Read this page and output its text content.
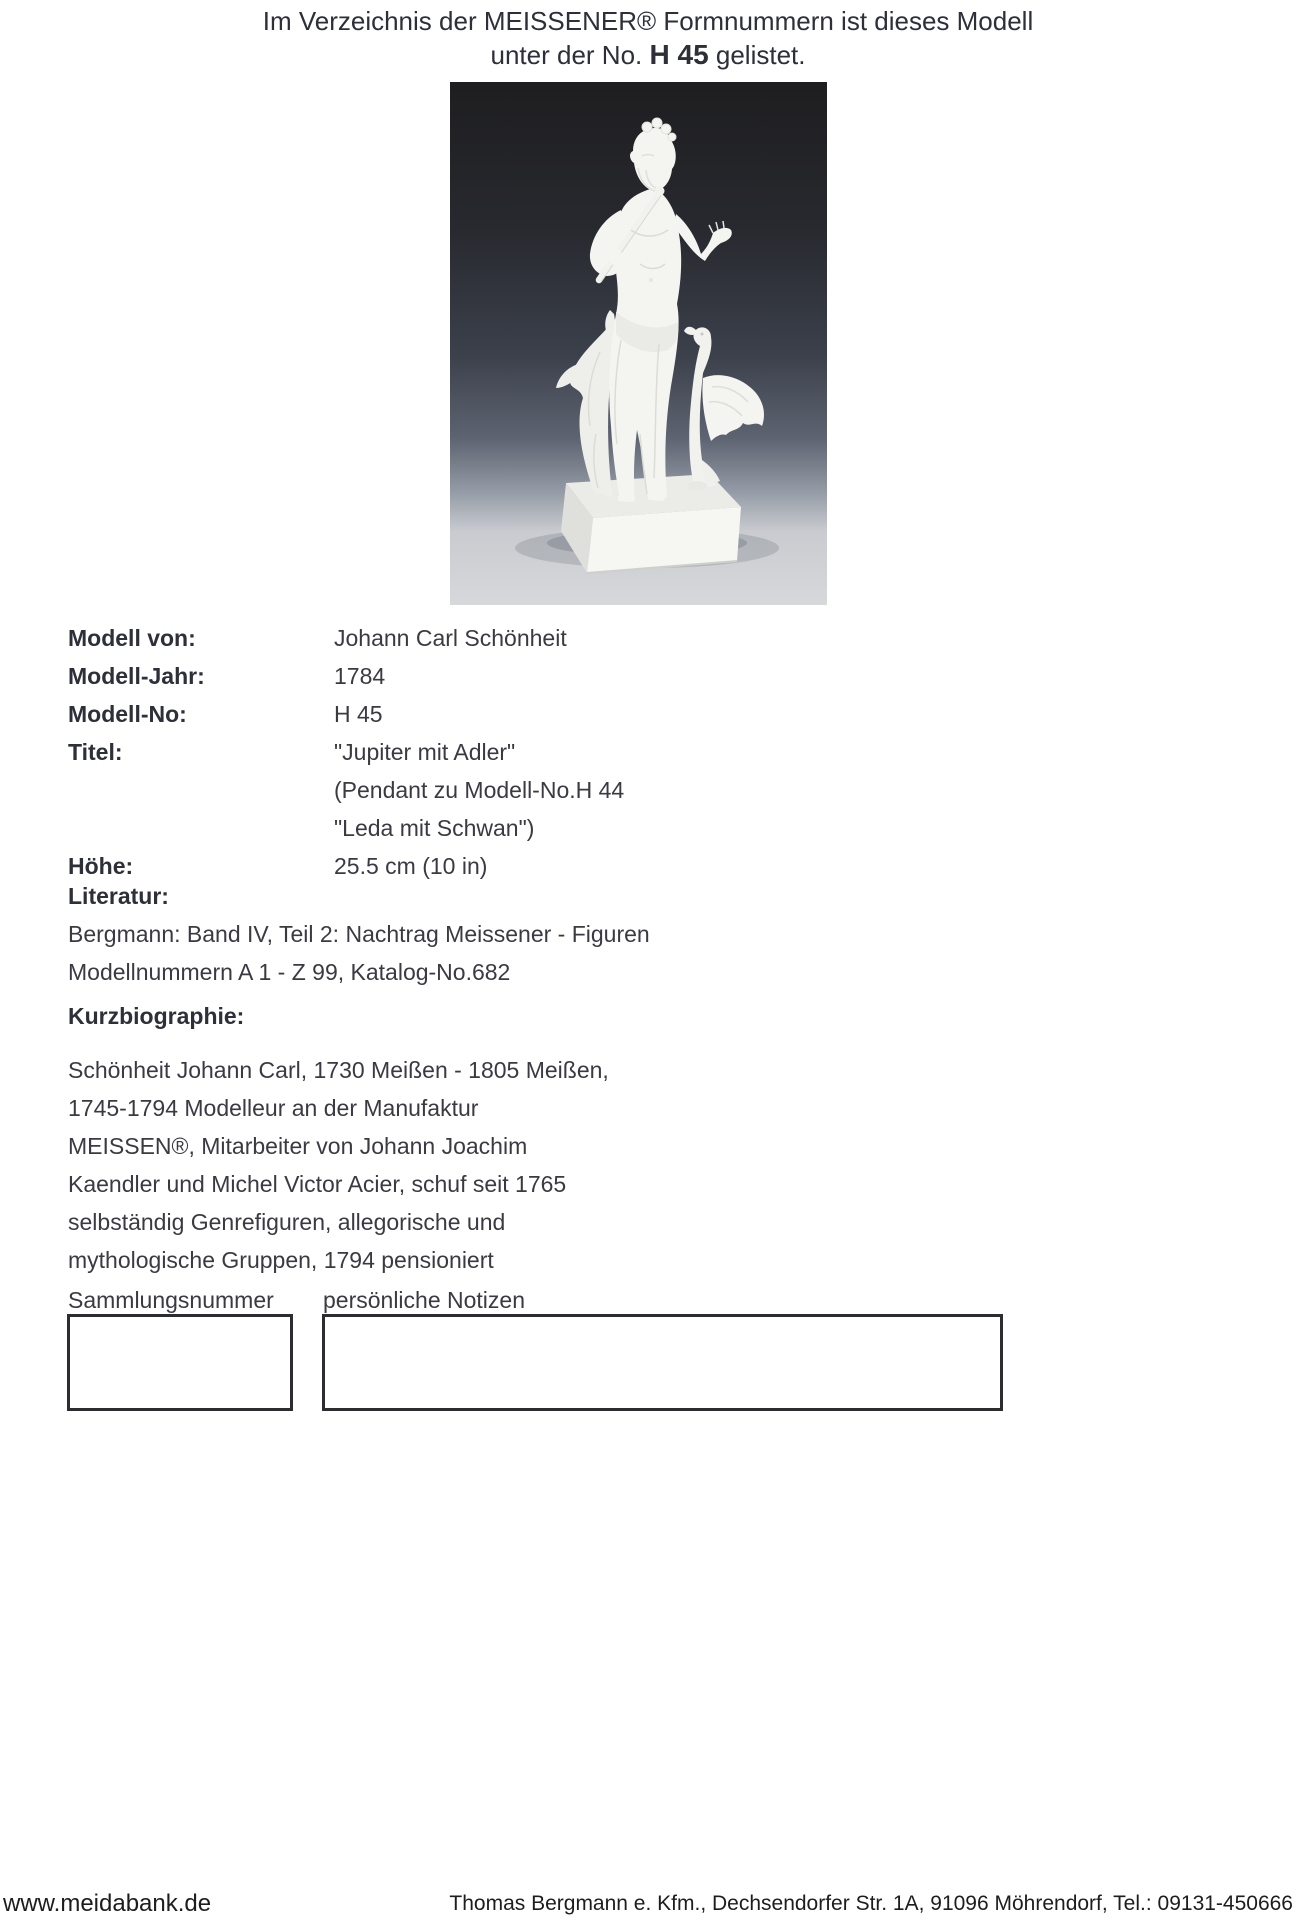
Im Verzeichnis der MEISSENER® Formnummern ist dieses Modell
unter der No. H 45 gelistet.
Modell von:	Johann Carl Schönheit
Modell-Jahr:	1784
Modell-No:	H 45
Titel:	"Jupiter mit Adler"
(Pendant zu Modell-No.H 44
"Leda mit Schwan")
Höhe:	25.5 cm (10 in)
Literatur:
Bergmann: Band IV, Teil 2: Nachtrag Meissener - Figuren
Modellnummern A 1 - Z 99, Katalog-No.682
Kurzbiographie:
Schönheit Johann Carl, 1730 Meißen - 1805 Meißen,
1745-1794 Modelleur an der Manufaktur
MEISSEN®, Mitarbeiter von Johann Joachim
Kaendler und Michel Victor Acier, schuf seit 1765
selbständig Genrefiguren, allegorische und
mythologische Gruppen, 1794 pensioniert
Sammlungsnummer persönliche Notizen
www.meidabank.de	Thomas Bergmann e. Kfm., Dechsendorfer Str. 1A, 91096 Möhrendorf, Tel.: 09131-450666
